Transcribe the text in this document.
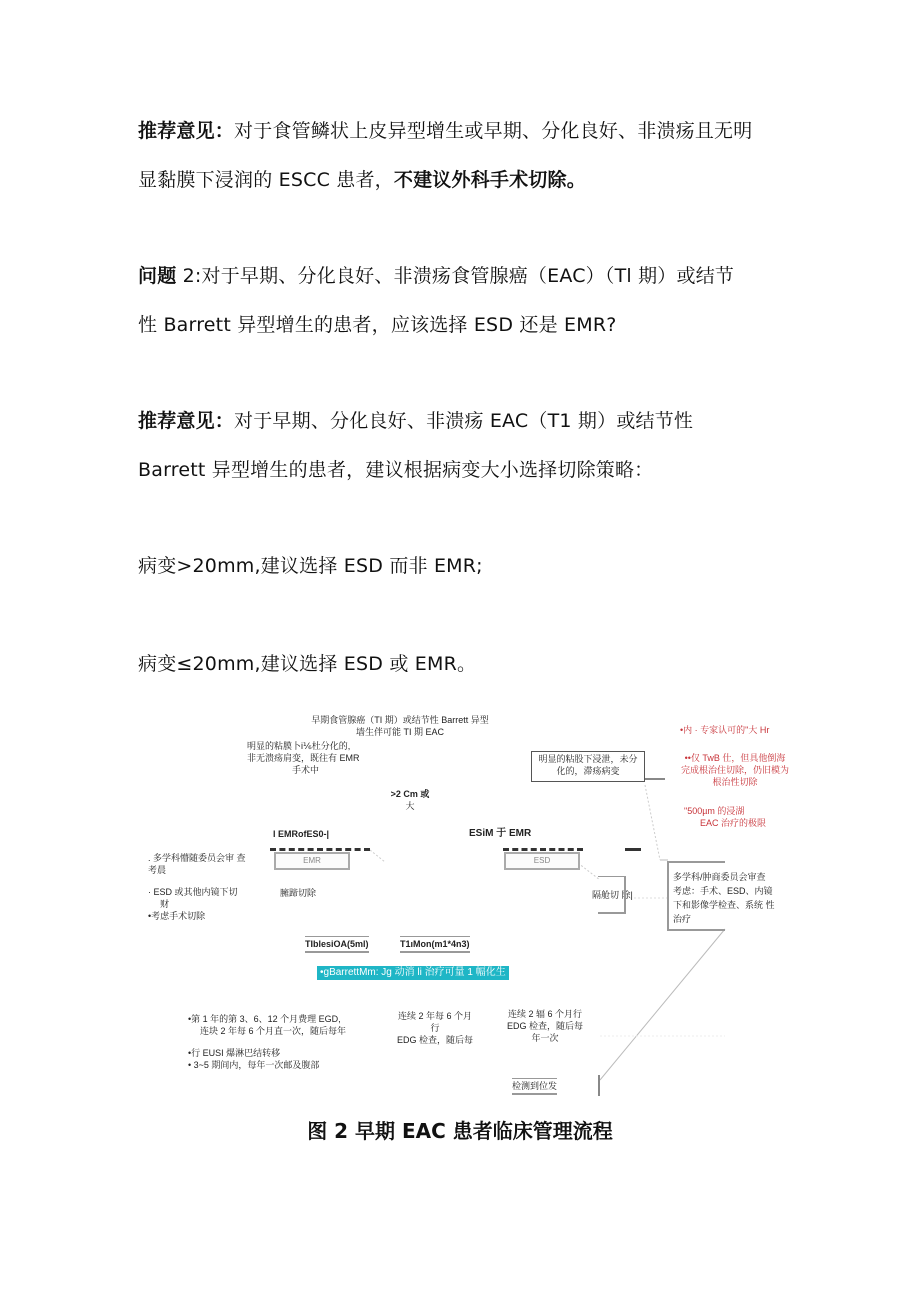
推荐意见：对于食管鳞状上皮异型增生或早期、分化良好、非溃疡且无明
显黏膜下浸润的 ESCC 患者，不建议外科手术切除。
问题 2:对于早期、分化良好、非溃疡食管腺癌（EAC）（Tl 期）或结节
性 Barrett 异型增生的患者，应该选择 ESD 还是 EMR?
推荐意见：对于早期、分化良好、非溃疡 EAC（T1 期）或结节性
Barrett 异型增生的患者，建议根据病变大小选择切除策略：
病变>20mm,建议选择 ESD 而非 EMR;
病变≤20mm,建议选择 ESD 或 EMR。
早期食管腺癌（TI 期）或结节性 Barrett 异型
墙生伴可能 TI 期 EAC
明显的粘膜卜i⅙杜分化的,
非无溃疡肩变，既往有 EMR
手术中
明显的粘股下浸泄，未分
化的，滞疡病变
>2 Cm 或
大
l EMRofES0-|	ESiM 于 EMR
EMR	ESD
. 多学科懵随委员会审 查
考晨
· ESD 或其他内镜下切
财
•考虑手术切除
臃蹄切除	隔舱切 除|
多学科/肿商委员会审查
考虑：手术、ESD、内镜
下和影像学检查、系统 性
治疗
TIblesiOA(5ml)	T1ıMon(m1*4n3)
•gBarrettMm: Jg 动消 li 治疗可量 1 幅化生
•第 1 年的第 3、6、12 个月费理 EGD,
连块 2 年每 6 个月直一次，随后每年
•行 EUSI 爆淋巴结转移
• 3~5 期间内，每年一次邮及腹部
连续 2 年每 6 个月
行
EDG 检查，随后每
连续 2 辐 6 个月行
EDG 检查，随后每
年一次
检测到位发
•内 · 专家认可的"大 Hr
••仅 TwB 仕，但具他倒海
完成根治住切除，仍旧模为
根治性切除
"500µm 的浸湖
EAC 治疗的极限
图 2 早期 EAC 患者临床管理流程
